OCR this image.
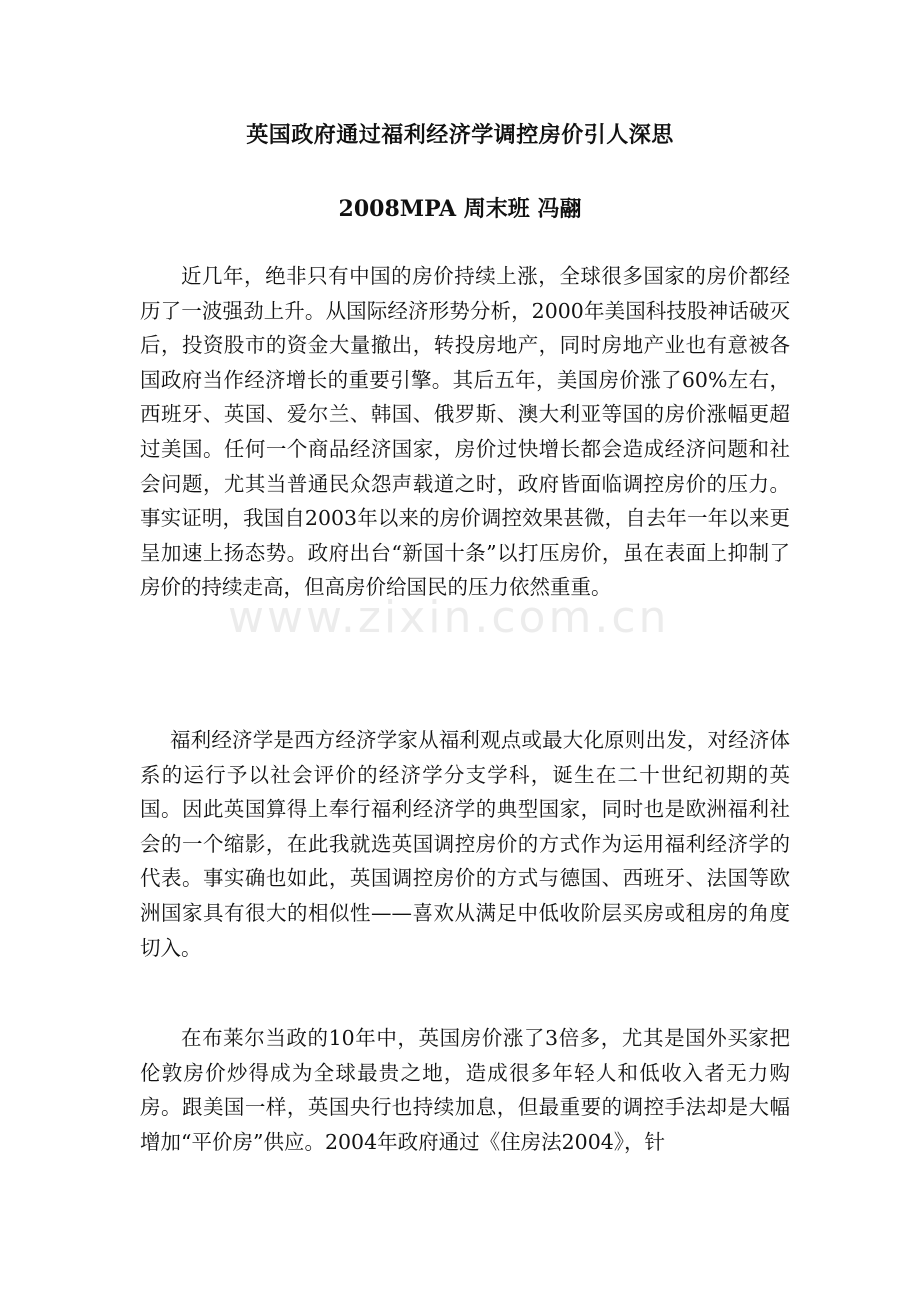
英国政府通过福利经济学调控房价引人深思
2008MPA 周末班 冯翮

近几年，绝非只有中国的房价持续上涨，全球很多国家的房价都经历了一波强劲上升。从国际经济形势分析，2000年美国科技股神话破灭后，投资股市的资金大量撤出，转投房地产，同时房地产业也有意被各国政府当作经济增长的重要引擎。其后五年，美国房价涨了60%左右，西班牙、英国、爱尔兰、韩国、俄罗斯、澳大利亚等国的房价涨幅更超过美国。任何一个商品经济国家，房价过快增长都会造成经济问题和社会问题，尤其当普通民众怨声载道之时，政府皆面临调控房价的压力。事实证明，我国自2003年以来的房价调控效果甚微，自去年一年以来更呈加速上扬态势。政府出台“新国十条”以打压房价，虽在表面上抑制了房价的持续走高，但高房价给国民的压力依然重重。

福利经济学是西方经济学家从福利观点或最大化原则出发，对经济体系的运行予以社会评价的经济学分支学科，诞生在二十世纪初期的英国。因此英国算得上奉行福利经济学的典型国家，同时也是欧洲福利社会的一个缩影，在此我就选英国调控房价的方式作为运用福利经济学的代表。事实确也如此，英国调控房价的方式与德国、西班牙、法国等欧洲国家具有很大的相似性——喜欢从满足中低收阶层买房或租房的角度切入。

在布莱尔当政的10年中，英国房价涨了3倍多，尤其是国外买家把伦敦房价炒得成为全球最贵之地，造成很多年轻人和低收入者无力购房。跟美国一样，英国央行也持续加息，但最重要的调控手法却是大幅增加“平价房”供应。2004年政府通过《住房法2004》，针

www.zixin.com.cn
